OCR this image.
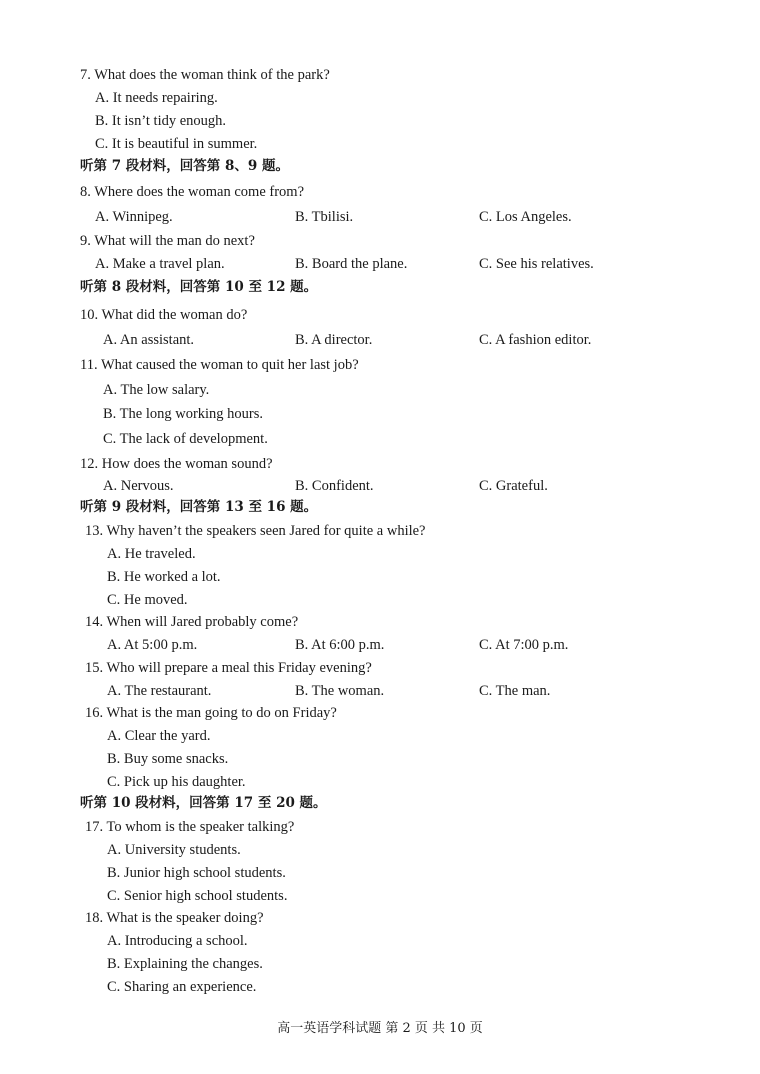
7. What does the woman think of the park?
A. It needs repairing.
B. It isn’t tidy enough.
C. It is beautiful in summer.
听第 7 段材料，回答第 8、9 题。
8. Where does the woman come from?
A. Winnipeg.	B. Tbilisi.	C. Los Angeles.
9. What will the man do next?
A. Make a travel plan.	B. Board the plane.	C. See his relatives.
听第 8 段材料，回答第 10 至 12 题。
10. What did the woman do?
A. An assistant.	B. A director.	C. A fashion editor.
11. What caused the woman to quit her last job?
A. The low salary.
B. The long working hours.
C. The lack of development.
12. How does the woman sound?
A. Nervous.	B. Confident.	C. Grateful.
听第 9 段材料，回答第 13 至 16 题。
13. Why haven’t the speakers seen Jared for quite a while?
A. He traveled.
B. He worked a lot.
C. He moved.
14. When will Jared probably come?
A. At 5:00 p.m.	B. At 6:00 p.m.	C. At 7:00 p.m.
15. Who will prepare a meal this Friday evening?
A. The restaurant.	B. The woman.	C. The man.
16. What is the man going to do on Friday?
A. Clear the yard.
B. Buy some snacks.
C. Pick up his daughter.
听第 10 段材料，回答第 17 至 20 题。
17. To whom is the speaker talking?
A. University students.
B. Junior high school students.
C. Senior high school students.
18. What is the speaker doing?
A. Introducing a school.
B. Explaining the changes.
C. Sharing an experience.
高一英语学科试题 第 2 页 共 10 页
